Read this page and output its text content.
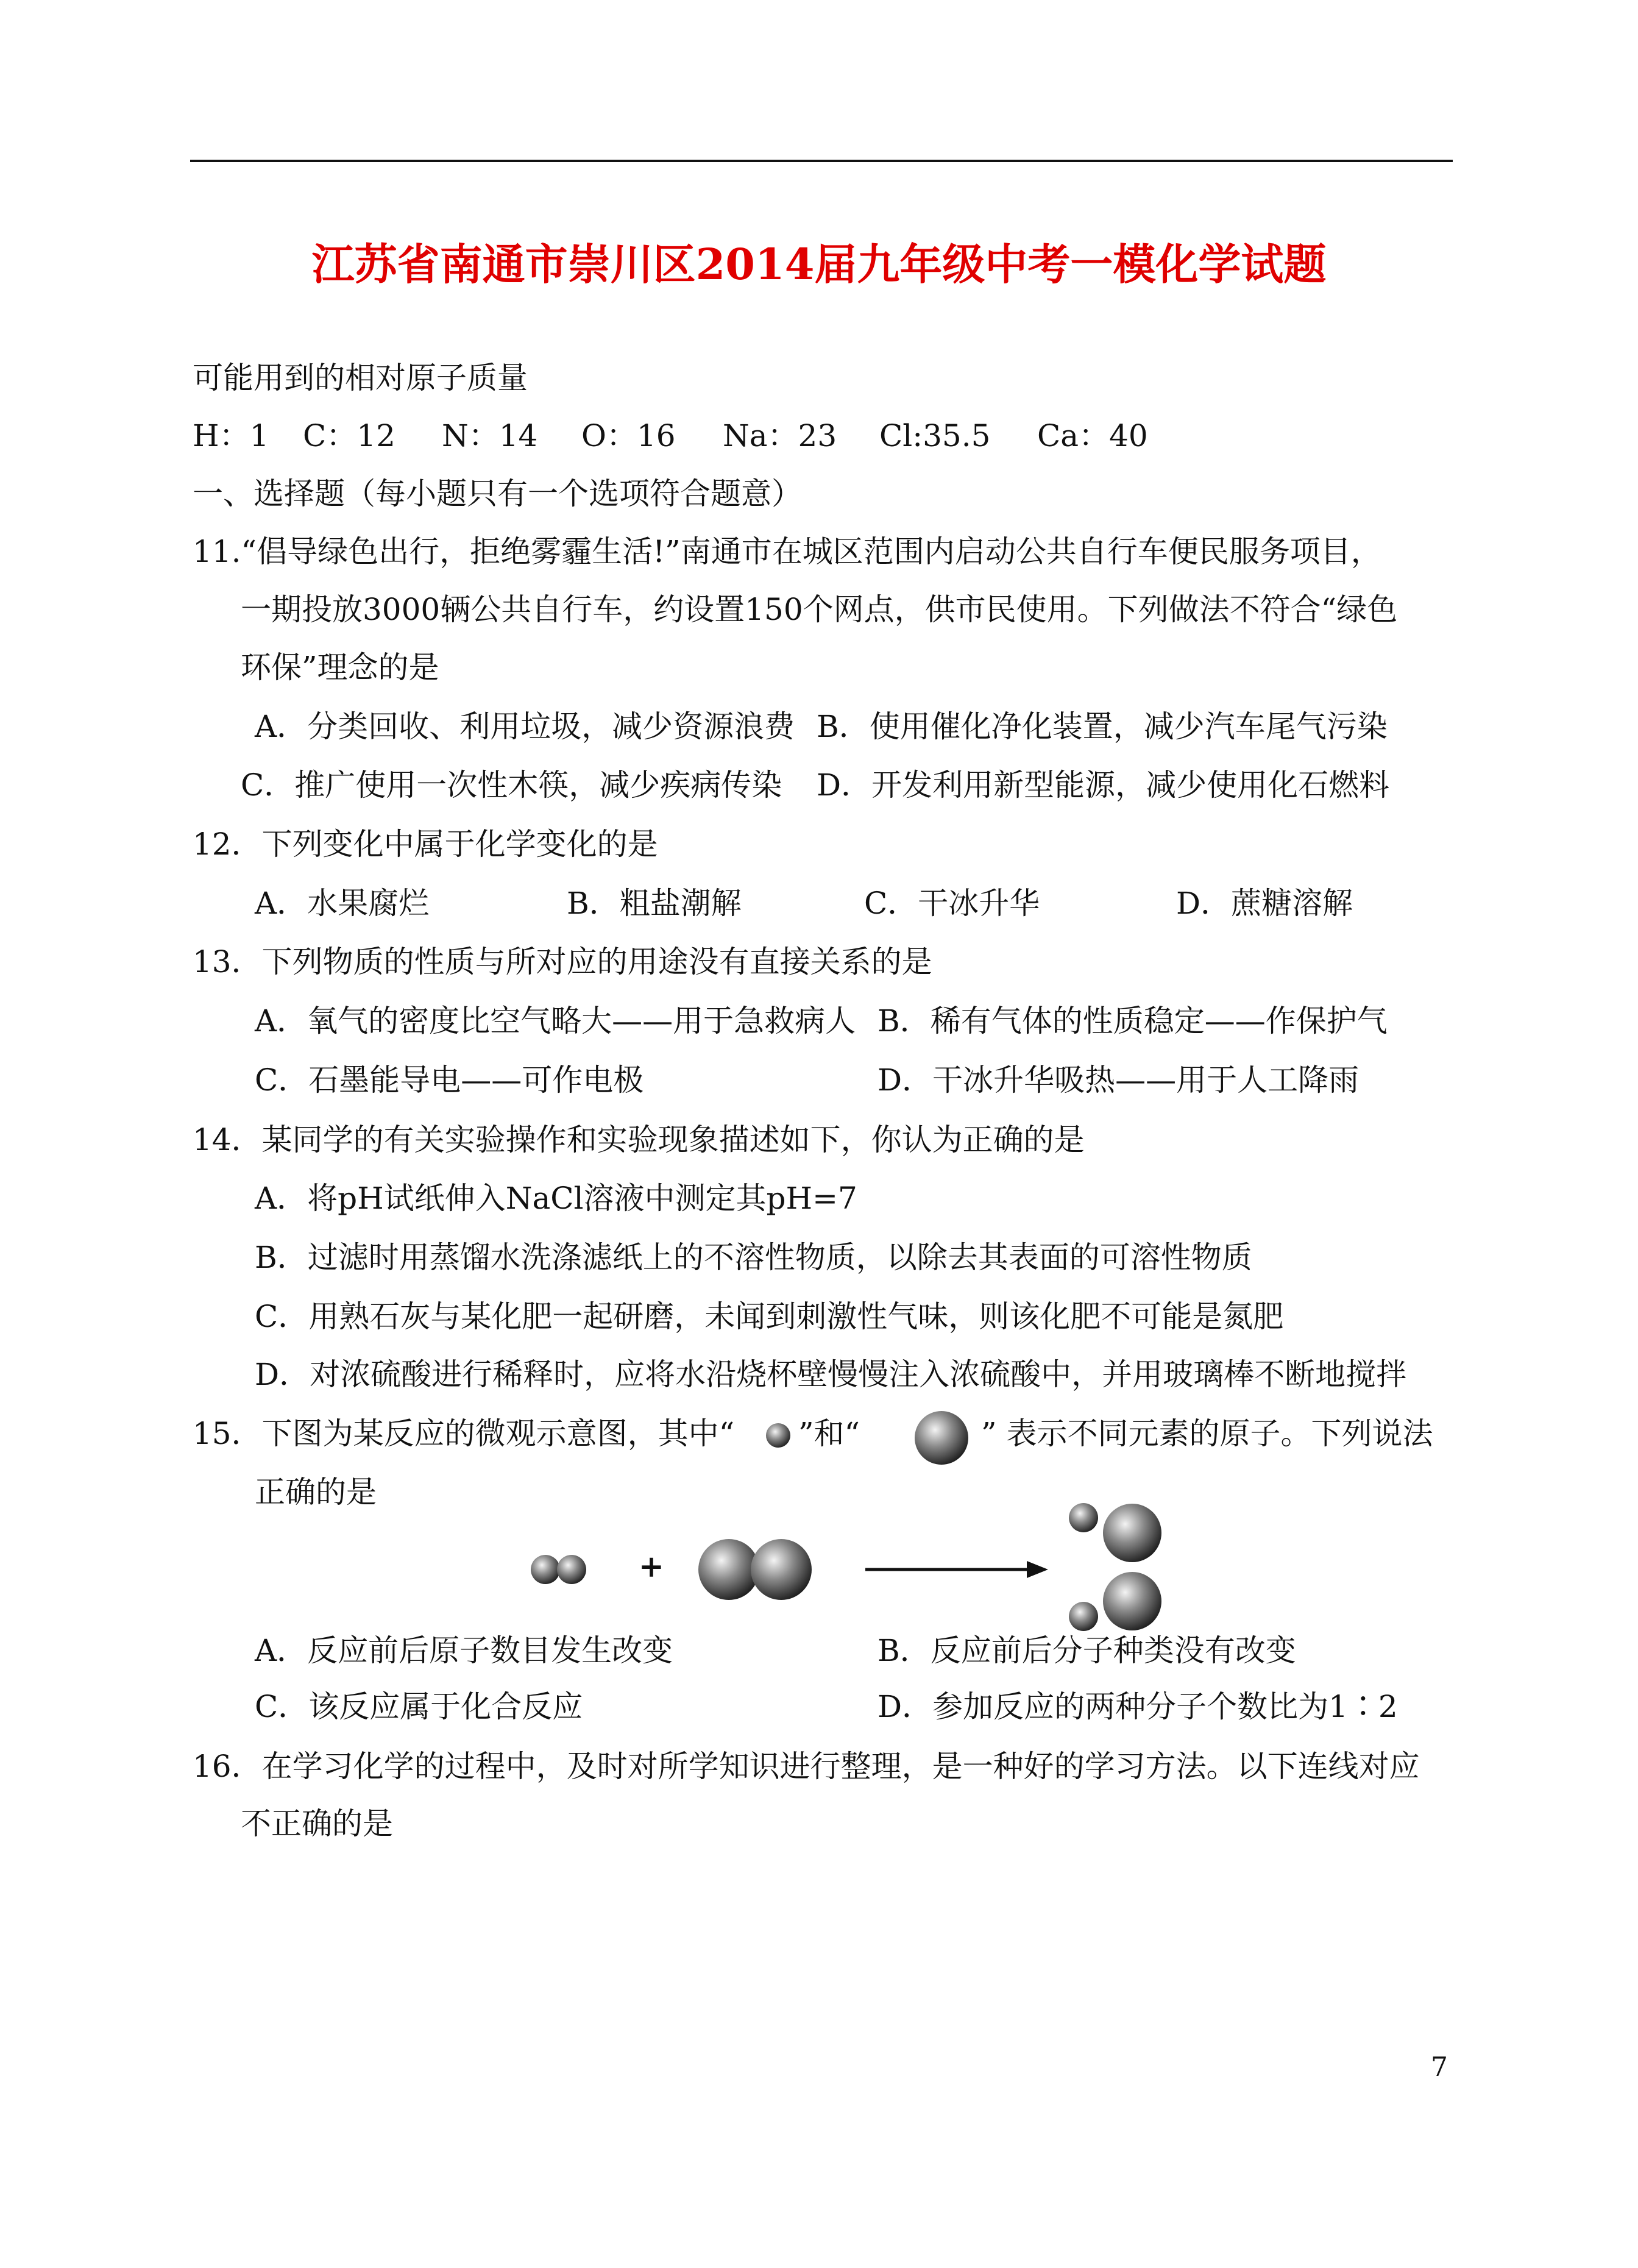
江苏省南通市崇川区2014届九年级中考一模化学试题
可能用到的相对原子质量
H：1 C：12 N：14 O：16 Na：23 Cl:35.5 Ca：40
一、选择题（每小题只有一个选项符合题意）
11.“倡导绿色出行，拒绝雾霾生活!”南通市在城区范围内启动公共自行车便民服务项目，
一期投放3000辆公共自行车，约设置150个网点，供市民使用。下列做法不符合“绿色
环保”理念的是
A．分类回收、利用垃圾，减少资源浪费 B．使用催化净化装置，减少汽车尾气污染
C．推广使用一次性木筷，减少疾病传染 D．开发利用新型能源，减少使用化石燃料
12．下列变化中属于化学变化的是
A．水果腐烂	B．粗盐潮解	C．干冰升华	D．蔗糖溶解
13．下列物质的性质与所对应的用途没有直接关系的是
A．氧气的密度比空气略大——用于急救病人 B．稀有气体的性质稳定——作保护气
C．石墨能导电——可作电极	D．干冰升华吸热——用于人工降雨
14．某同学的有关实验操作和实验现象描述如下，你认为正确的是
A．将pH试纸伸入NaCl溶液中测定其pH=7
B．过滤时用蒸馏水洗涤滤纸上的不溶性物质，以除去其表面的可溶性物质
C．用熟石灰与某化肥一起研磨，未闻到刺激性气味，则该化肥不可能是氮肥
D．对浓硫酸进行稀释时，应将水沿烧杯壁慢慢注入浓硫酸中，并用玻璃棒不断地搅拌
15．下图为某反应的微观示意图，其中“ ”和“	” 表示不同元素的原子。下列说法
正确的是
+
A．反应前后原子数目发生改变	B．反应前后分子种类没有改变
C．该反应属于化合反应	D．参加反应的两种分子个数比为1∶2
16．在学习化学的过程中，及时对所学知识进行整理，是一种好的学习方法。以下连线对应
不正确的是
7
